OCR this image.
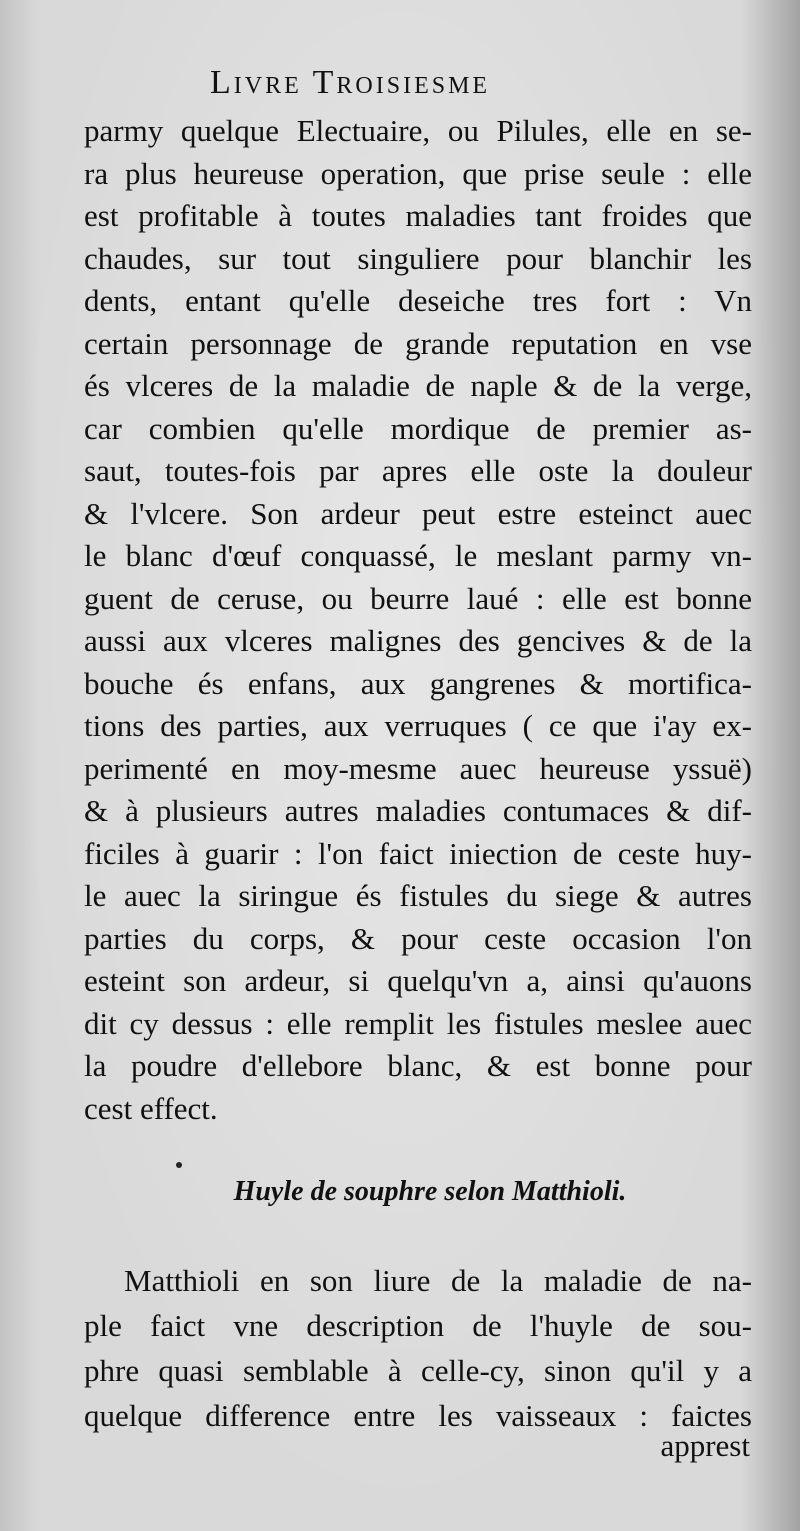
Livre Troisiesme
parmy quelque Electuaire, ou Pilules, elle en se-
ra plus heureuse operation, que prise seule : elle
est profitable à toutes maladies tant froides que
chaudes, sur tout singuliere pour blanchir les
dents, entant qu'elle deseiche tres fort : Vn
certain personnage de grande reputation en vse
és vlceres de la maladie de naple & de la verge,
car combien qu'elle mordique de premier as-
saut, toutes-fois par apres elle oste la douleur
& l'vlcere. Son ardeur peut estre esteinct auec
le blanc d'œuf conquassé, le meslant parmy vn-
guent de ceruse, ou beurre laué : elle est bonne
aussi aux vlceres malignes des gencives & de la
bouche és enfans, aux gangrenes & mortifica-
tions des parties, aux verruques ( ce que i'ay ex-
perimenté en moy-mesme auec heureuse yssuë)
& à plusieurs autres maladies contumaces & dif-
ficiles à guarir : l'on faict iniection de ceste huy-
le auec la siringue és fistules du siege & autres
parties du corps, & pour ceste occasion l'on
esteint son ardeur, si quelqu'vn a, ainsi qu'auons
dit cy dessus : elle remplit les fistules meslee auec
la poudre d'ellebore blanc, & est bonne pour
cest effect.
Huyle de souphre selon Matthioli.
Matthioli en son liure de la maladie de na-
ple faict vne description de l'huyle de sou-
phre quasi semblable à celle-cy, sinon qu'il y a
quelque difference entre les vaisseaux : faictes
apprest
